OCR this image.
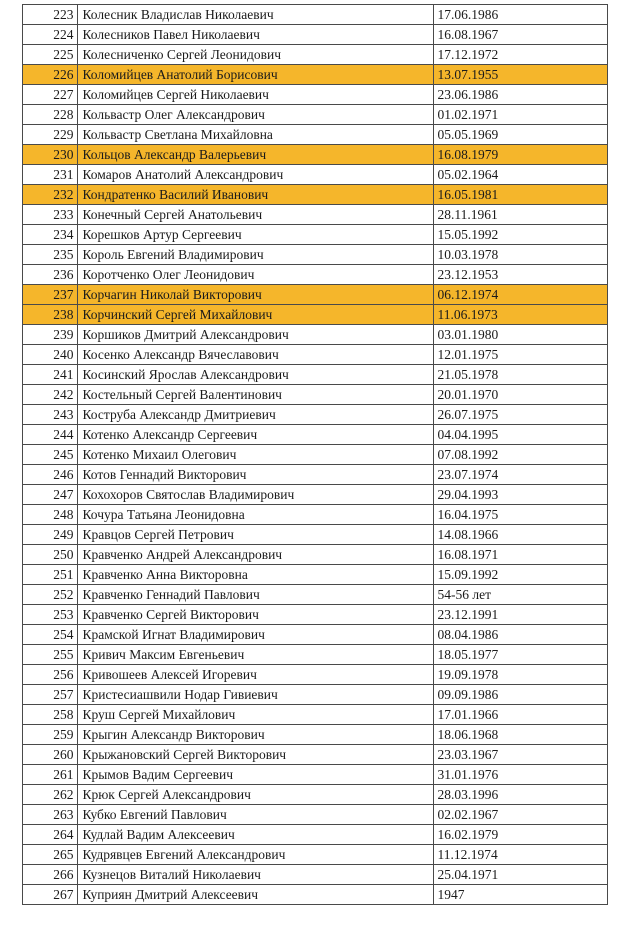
223	Колесник Владислав Николаевич	17.06.1986
224	Колесников Павел Николаевич	16.08.1967
225	Колесниченко Сергей Леонидович	17.12.1972
226	Коломийцев Анатолий Борисович	13.07.1955
227	Коломийцев Сергей Николаевич	23.06.1986
228	Кольвастр Олег Александрович	01.02.1971
229	Кольвастр Светлана Михайловна	05.05.1969
230	Кольцов Александр Валерьевич	16.08.1979
231	Комаров Анатолий Александрович	05.02.1964
232	Кондратенко Василий Иванович	16.05.1981
233	Конечный Сергей Анатольевич	28.11.1961
234	Корешков Артур Сергеевич	15.05.1992
235	Король Евгений Владимирович	10.03.1978
236	Коротченко Олег Леонидович	23.12.1953
237	Корчагин Николай Викторович	06.12.1974
238	Корчинский Сергей Михайлович	11.06.1973
239	Коршиков Дмитрий Александрович	03.01.1980
240	Косенко Александр Вячеславович	12.01.1975
241	Косинский Ярослав Александрович	21.05.1978
242	Костельный Сергей Валентинович	20.01.1970
243	Коструба Александр Дмитриевич	26.07.1975
244	Котенко Александр Сергеевич	04.04.1995
245	Котенко Михаил Олегович	07.08.1992
246	Котов Геннадий Викторович	23.07.1974
247	Кохохоров Святослав Владимирович	29.04.1993
248	Кочура Татьяна Леонидовна	16.04.1975
249	Кравцов Сергей Петрович	14.08.1966
250	Кравченко Андрей Александрович	16.08.1971
251	Кравченко Анна Викторовна	15.09.1992
252	Кравченко Геннадий Павлович	54-56 лет
253	Кравченко Сергей Викторович	23.12.1991
254	Крамской Игнат Владимирович	08.04.1986
255	Кривич Максим Евгеньевич	18.05.1977
256	Кривошеев Алексей Игоревич	19.09.1978
257	Кристесиашвили Нодар Гивиевич	09.09.1986
258	Круш Сергей Михайлович	17.01.1966
259	Крыгин Александр Викторович	18.06.1968
260	Крыжановский Сергей Викторович	23.03.1967
261	Крымов Вадим Сергеевич	31.01.1976
262	Крюк Сергей Александрович	28.03.1996
263	Кубко Евгений Павлович	02.02.1967
264	Кудлай Вадим Алексеевич	16.02.1979
265	Кудрявцев Евгений Александрович	11.12.1974
266	Кузнецов Виталий Николаевич	25.04.1971
267	Куприян Дмитрий Алексеевич	1947
